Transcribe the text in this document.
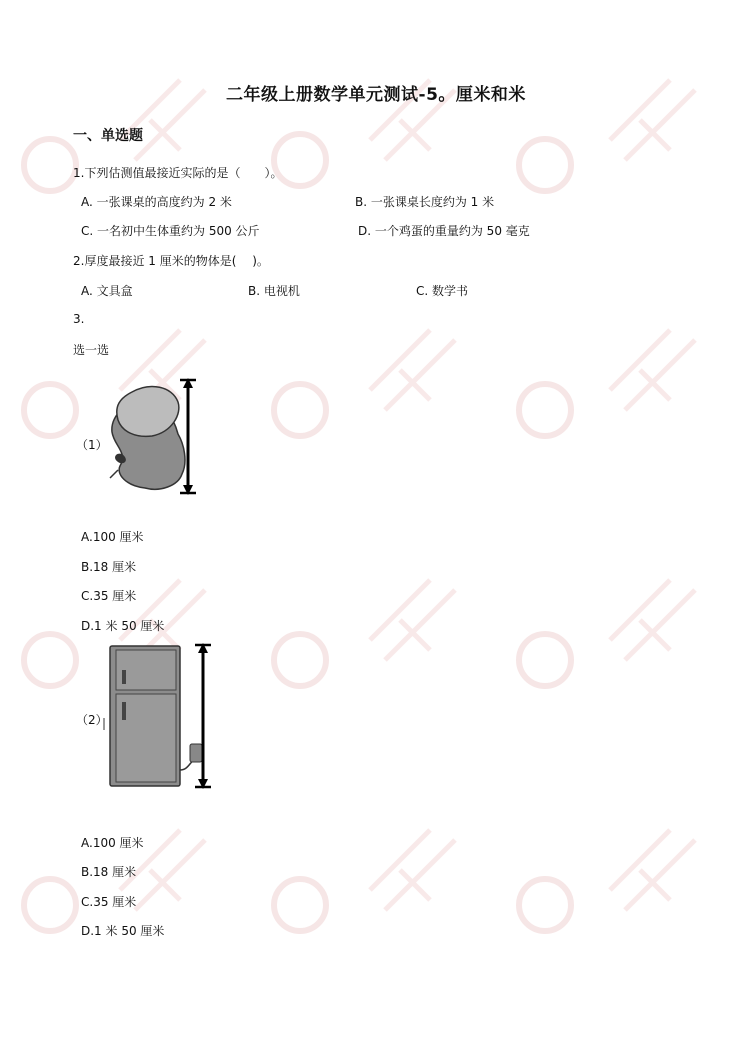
二年级上册数学单元测试-5。厘米和米
一、单选题
1.下列估测值最接近实际的是（　　）。
A. 一张课桌的高度约为 2 米	B. 一张课桌长度约为 1 米
C. 一名初中生体重约为 500 公斤	D. 一个鸡蛋的重量约为 50 毫克
2.厚度最接近 1 厘米的物体是(　 )。
A. 文具盒	B. 电视机	C. 数学书
3.
选一选
（1）
A.100 厘米
B.18 厘米
C.35 厘米
D.1 米 50 厘米
（2）
A.100 厘米
B.18 厘米
C.35 厘米
D.1 米 50 厘米
